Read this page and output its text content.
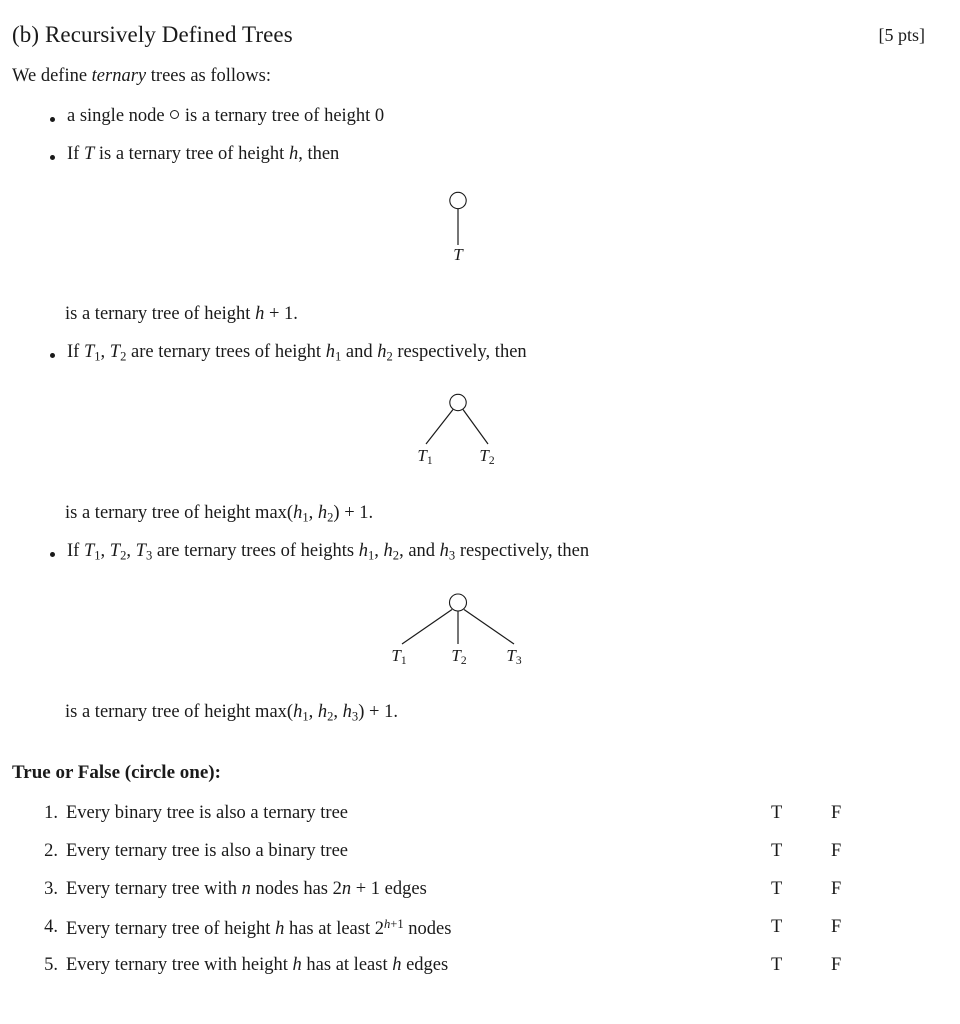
(b) Recursively Defined Trees	[5 pts]
We define ternary trees as follows:
a single node  is a ternary tree of height 0
If T is a ternary tree of height h, then
is a ternary tree of height h + 1.
If $T_1$, $T_2$ are ternary trees of height $h_1$ and $h_2$ respectively, then
is a ternary tree of height $\max(h_1$, $h_2) + 1$.
If $T_1$, $T_2$, $T_3$ are ternary trees of heights $h_1$, $h_2$, and $h_3$ respectively, then
is a ternary tree of height $\max(h_1$, $h_2$, $h_3) + 1$.
T
$T_1$	$T_2$
$T_1$	$T_2$ $T_3$
True or False (circle one):
1. Every binary tree is also a ternary tree	T	F
2. Every ternary tree is also a binary tree	T	F
3. Every ternary tree with n nodes has 2n + 1 edges	T	F
4. Every ternary tree of height h has at least $2^{h+1}$ nodes	T	F
5. Every ternary tree with height h has at least h edges	T	F
